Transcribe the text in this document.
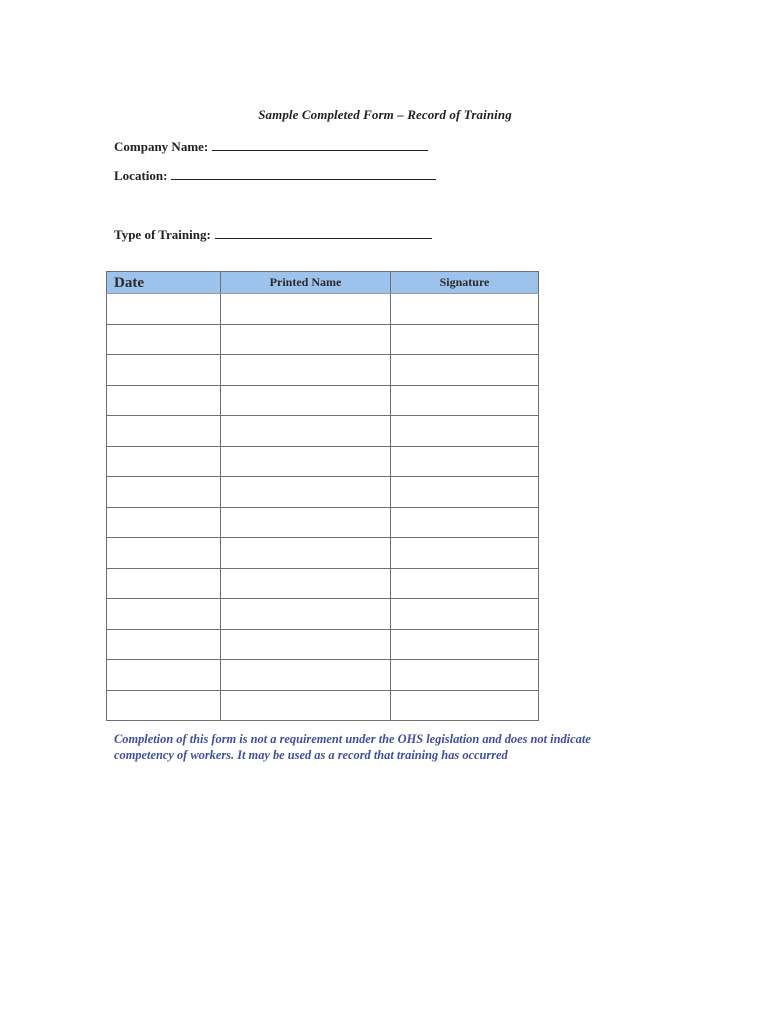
Sample Completed Form – Record of Training
Company Name:
Location:
Type of Training:
Date	Printed Name	Signature

Completion of this form is not a requirement under the OHS legislation and does not indicate
competency of workers. It may be used as a record that training has occurred
